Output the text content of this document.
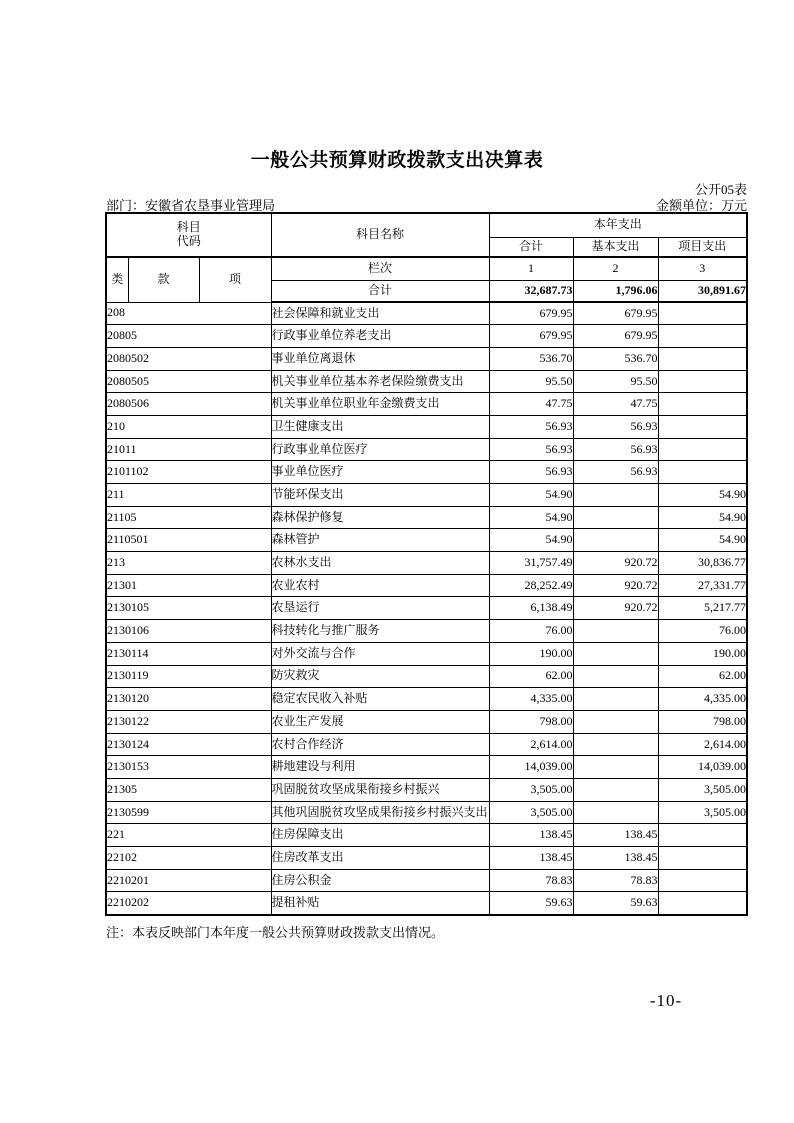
一般公共预算财政拨款支出决算表
公开05表
部门：安徽省农垦事业管理局	金额单位：万元
科目
代码			科目名称	本年支出		
				合计	基本支出	项目支出
类	款	项	栏次	1	2	3
			合计	32,687.73	1,796.06	30,891.67
208			社会保障和就业支出	679.95	679.95	
20805			行政事业单位养老支出	679.95	679.95	
2080502			事业单位离退休	536.70	536.70	
2080505			机关事业单位基本养老保险缴费支出	95.50	95.50	
2080506			机关事业单位职业年金缴费支出	47.75	47.75	
210			卫生健康支出	56.93	56.93	
21011			行政事业单位医疗	56.93	56.93	
2101102			事业单位医疗	56.93	56.93	
211			节能环保支出	54.90		54.90
21105			森林保护修复	54.90		54.90
2110501			森林管护	54.90		54.90
213			农林水支出	31,757.49	920.72	30,836.77
21301			农业农村	28,252.49	920.72	27,331.77
2130105			农垦运行	6,138.49	920.72	5,217.77
2130106			科技转化与推广服务	76.00		76.00
2130114			对外交流与合作	190.00		190.00
2130119			防灾救灾	62.00		62.00
2130120			稳定农民收入补贴	4,335.00		4,335.00
2130122			农业生产发展	798.00		798.00
2130124			农村合作经济	2,614.00		2,614.00
2130153			耕地建设与利用	14,039.00		14,039.00
21305			巩固脱贫攻坚成果衔接乡村振兴	3,505.00		3,505.00
2130599			其他巩固脱贫攻坚成果衔接乡村振兴支出	3,505.00		3,505.00
221			住房保障支出	138.45	138.45	
22102			住房改革支出	138.45	138.45	
2210201			住房公积金	78.83	78.83	
2210202			提租补贴	59.63	59.63	
注：本表反映部门本年度一般公共预算财政拨款支出情况。
-10-
